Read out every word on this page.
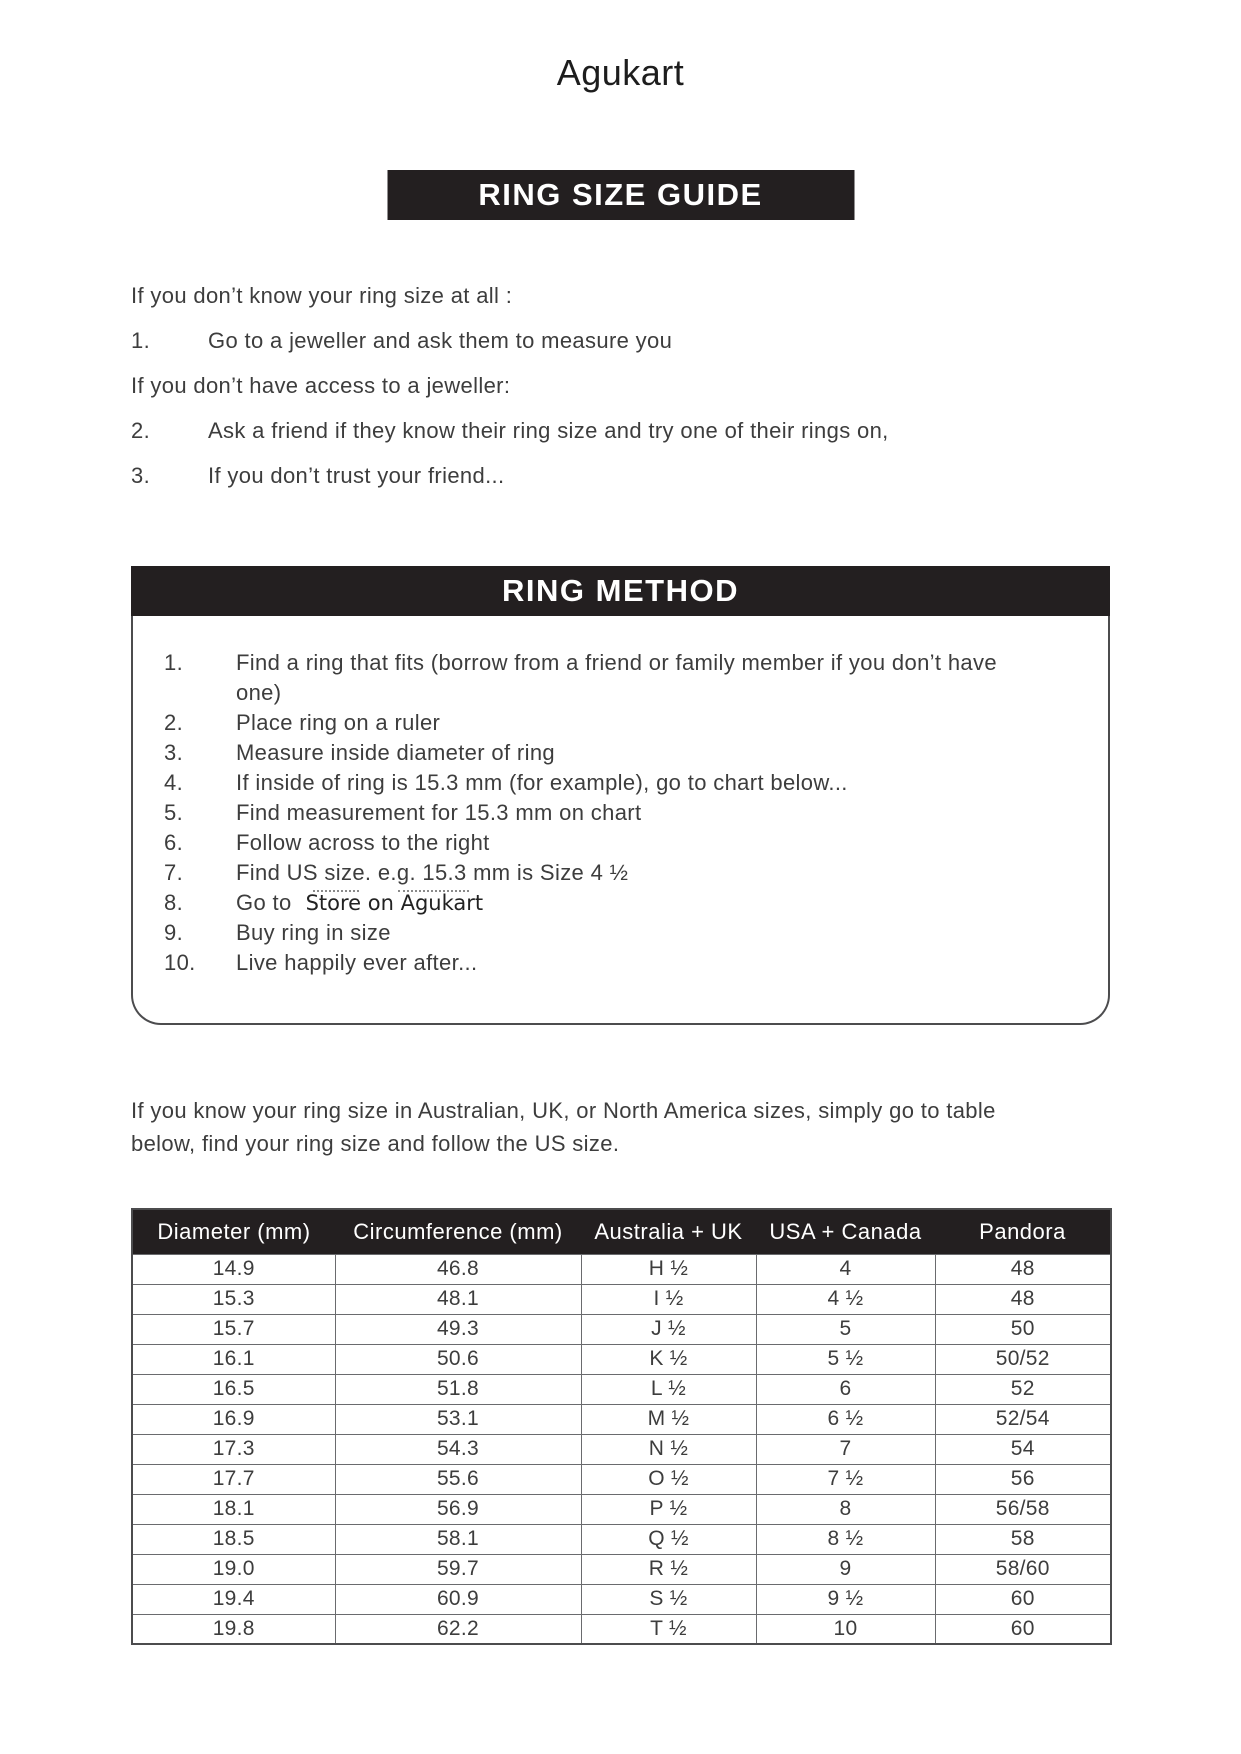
Agukart
RING SIZE GUIDE
If you don’t know your ring size at all :
1.	Go to a jeweller and ask them to measure you
If you don’t have access to a jeweller:
2.	Ask a friend if they know their ring size and try one of their rings on,
3.	If you don’t trust your friend...
RING METHOD
1.	Find a ring that fits (borrow from a friend or family member if you don’t have one)
2.	Place ring on a ruler
3.	Measure inside diameter of ring
4.	If inside of ring is 15.3 mm (for example), go to chart below...
5.	Find measurement for 15.3 mm on chart
6.	Follow across to the right
7.	Find US size. e.g. 15.3 mm is Size 4 ½
8.	Go to Store on Agukart
9.	Buy ring in size
10.	Live happily ever after...

If you know your ring size in Australian, UK, or North America sizes, simply go to table below, find your ring size and follow the US size.

Diameter (mm)	Circumference (mm)	Australia + UK	USA + Canada	Pandora
14.9	46.8	H ½	4	48
15.3	48.1	I ½	4 ½	48
15.7	49.3	J ½	5	50
16.1	50.6	K ½	5 ½	50/52
16.5	51.8	L ½	6	52
16.9	53.1	M ½	6 ½	52/54
17.3	54.3	N ½	7	54
17.7	55.6	O ½	7 ½	56
18.1	56.9	P ½	8	56/58
18.5	58.1	Q ½	8 ½	58
19.0	59.7	R ½	9	58/60
19.4	60.9	S ½	9 ½	60
19.8	62.2	T ½	10	60
